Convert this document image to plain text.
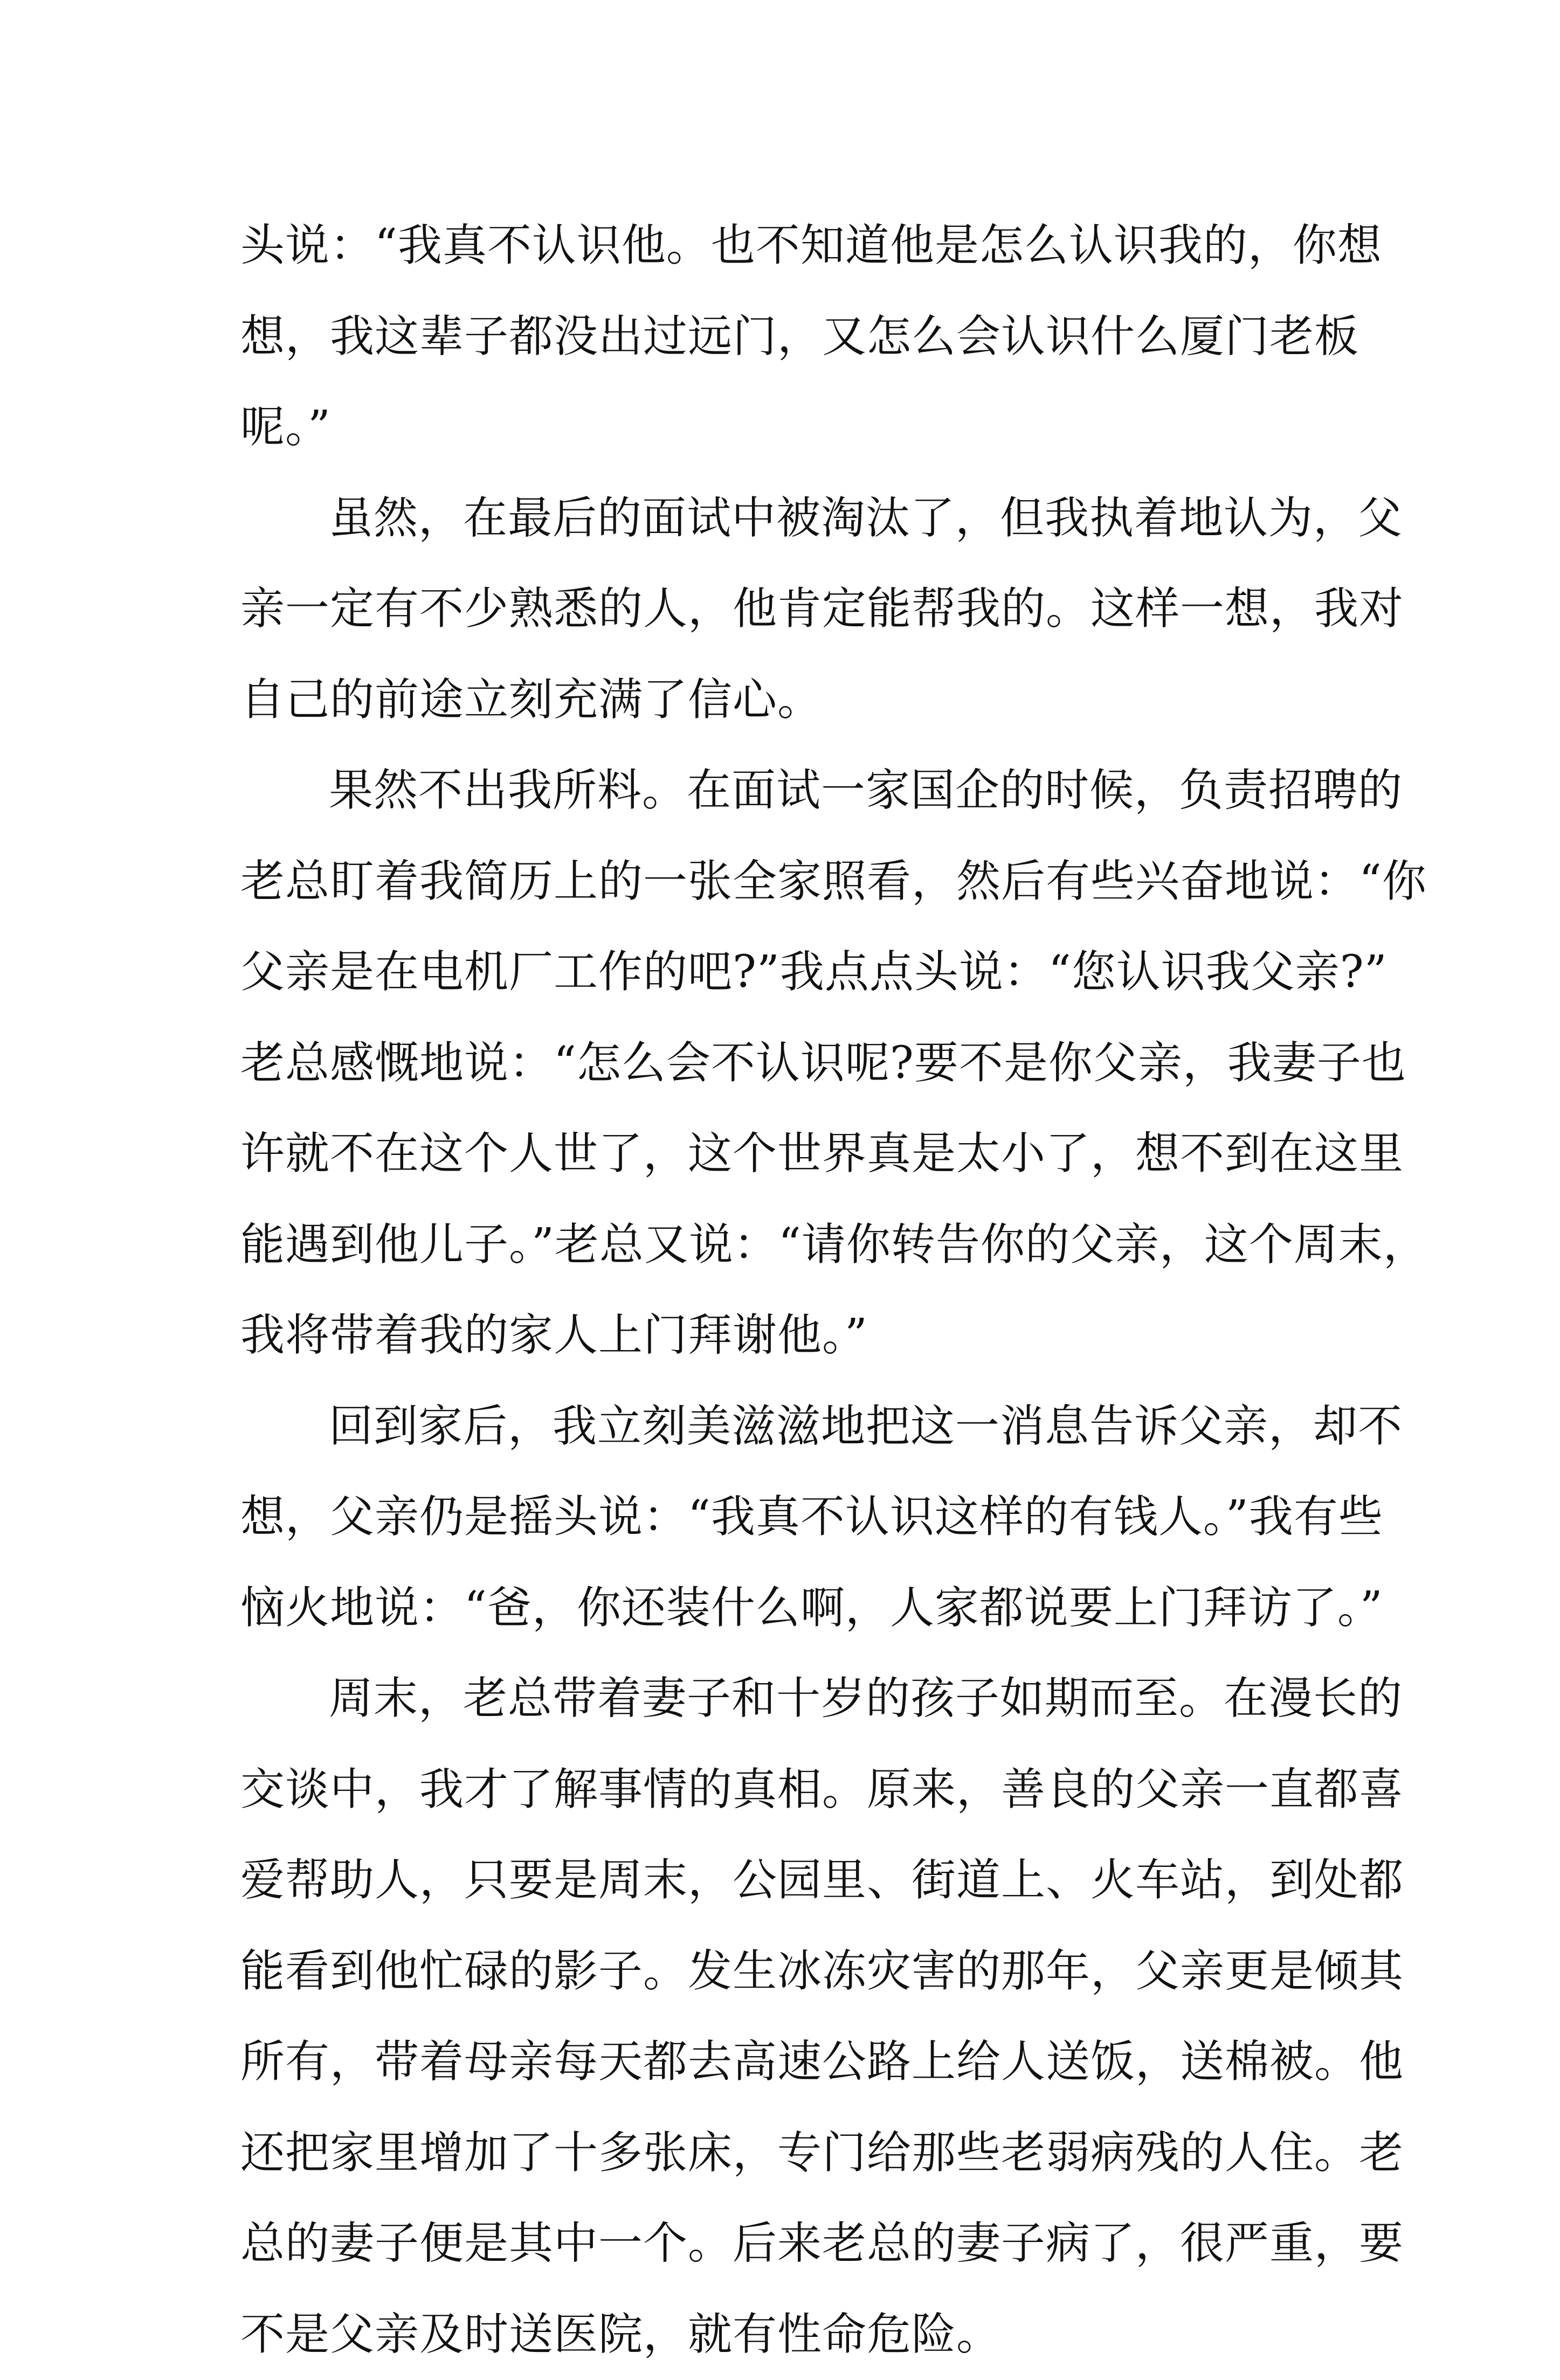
头说：“我真不认识他。也不知道他是怎么认识我的，你想
想，我这辈子都没出过远门，又怎么会认识什么厦门老板
呢。”
虽然，在最后的面试中被淘汰了，但我执着地认为，父
亲一定有不少熟悉的人，他肯定能帮我的。这样一想，我对
自己的前途立刻充满了信心。
果然不出我所料。在面试一家国企的时候，负责招聘的
老总盯着我简历上的一张全家照看，然后有些兴奋地说：“你
父亲是在电机厂工作的吧?”我点点头说：“您认识我父亲?”
老总感慨地说：“怎么会不认识呢?要不是你父亲，我妻子也
许就不在这个人世了，这个世界真是太小了，想不到在这里
能遇到他儿子。”老总又说：“请你转告你的父亲，这个周末，
我将带着我的家人上门拜谢他。”
回到家后，我立刻美滋滋地把这一消息告诉父亲，却不
想，父亲仍是摇头说：“我真不认识这样的有钱人。”我有些
恼火地说：“爸，你还装什么啊，人家都说要上门拜访了。”
周末，老总带着妻子和十岁的孩子如期而至。在漫长的
交谈中，我才了解事情的真相。原来，善良的父亲一直都喜
爱帮助人，只要是周末，公园里、街道上、火车站，到处都
能看到他忙碌的影子。发生冰冻灾害的那年，父亲更是倾其
所有，带着母亲每天都去高速公路上给人送饭，送棉被。他
还把家里增加了十多张床，专门给那些老弱病残的人住。老
总的妻子便是其中一个。后来老总的妻子病了，很严重，要
不是父亲及时送医院，就有性命危险。
